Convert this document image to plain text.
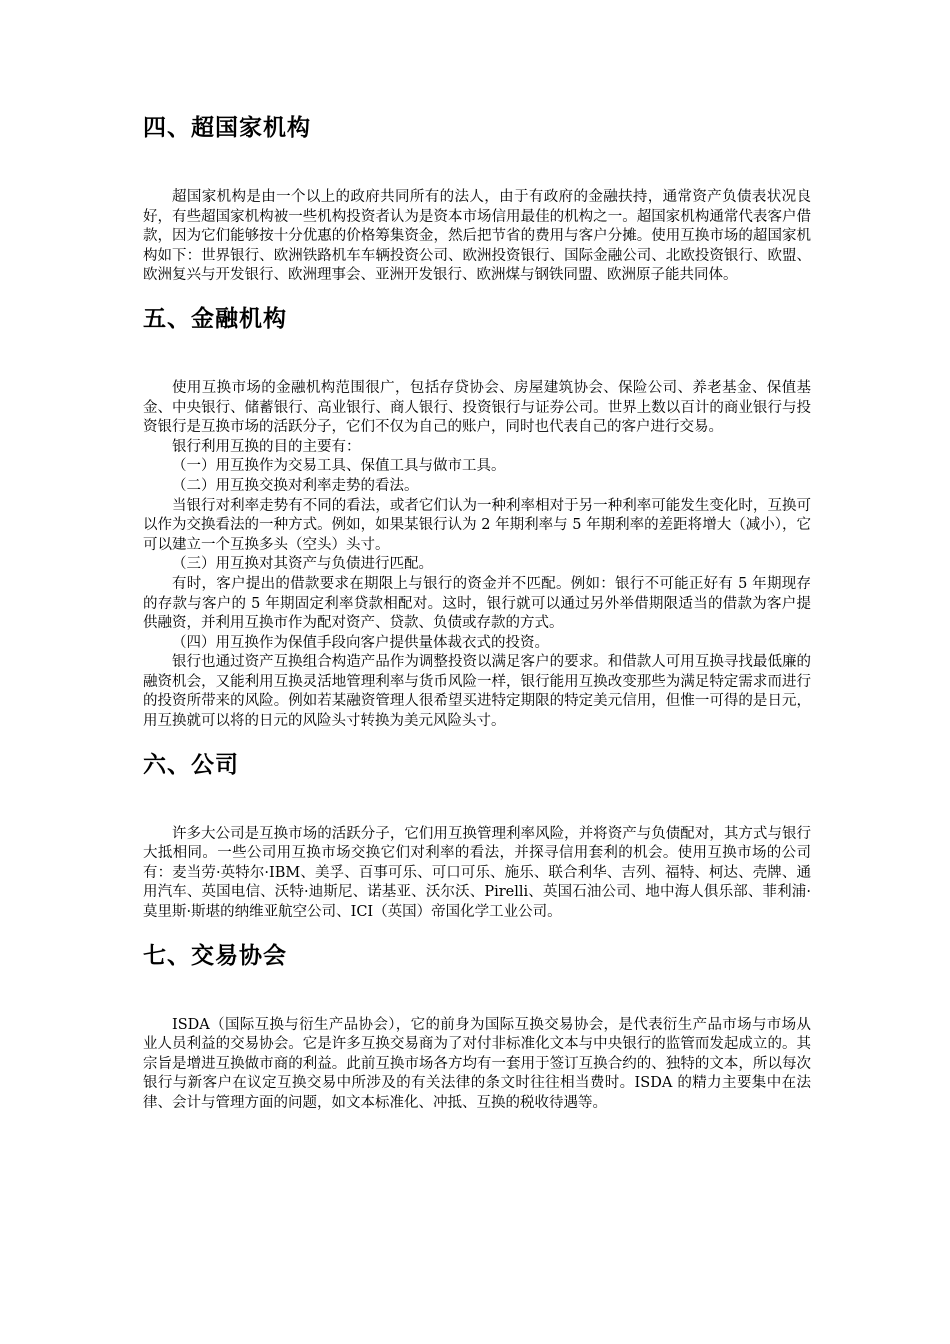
四、超国家机构

超国家机构是由一个以上的政府共同所有的法人，由于有政府的金融扶持，通常资产负债表状况良好，有些超国家机构被一些机构投资者认为是资本市场信用最佳的机构之一。超国家机构通常代表客户借款，因为它们能够按十分优惠的价格筹集资金，然后把节省的费用与客户分摊。使用互换市场的超国家机构如下：世界银行、欧洲铁路机车车辆投资公司、欧洲投资银行、国际金融公司、北欧投资银行、欧盟、欧洲复兴与开发银行、欧洲理事会、亚洲开发银行、欧洲煤与钢铁同盟、欧洲原子能共同体。

五、金融机构

使用互换市场的金融机构范围很广，包括存贷协会、房屋建筑协会、保险公司、养老基金、保值基金、中央银行、储蓄银行、高业银行、商人银行、投资银行与证券公司。世界上数以百计的商业银行与投资银行是互换市场的活跃分子，它们不仅为自己的账户，同时也代表自己的客户进行交易。

银行利用互换的目的主要有：

（一）用互换作为交易工具、保值工具与做市工具。

（二）用互换交换对利率走势的看法。

当银行对利率走势有不同的看法，或者它们认为一种利率相对于另一种利率可能发生变化时，互换可以作为交换看法的一种方式。例如，如果某银行认为 2 年期利率与 5 年期利率的差距将增大（减小），它可以建立一个互换多头（空头）头寸。

（三）用互换对其资产与负债进行匹配。

有时，客户提出的借款要求在期限上与银行的资金并不匹配。例如：银行不可能正好有 5 年期现存的存款与客户的 5 年期固定利率贷款相配对。这时，银行就可以通过另外举借期限适当的借款为客户提供融资，并利用互换市作为配对资产、贷款、负债或存款的方式。

（四）用互换作为保值手段向客户提供量体裁衣式的投资。

银行也通过资产互换组合构造产品作为调整投资以满足客户的要求。和借款人可用互换寻找最低廉的融资机会，又能利用互换灵活地管理利率与货币风险一样，银行能用互换改变那些为满足特定需求而进行的投资所带来的风险。例如若某融资管理人很希望买进特定期限的特定美元信用，但惟一可得的是日元，用互换就可以将的日元的风险头寸转换为美元风险头寸。

六、公司

许多大公司是互换市场的活跃分子，它们用互换管理利率风险，并将资产与负债配对，其方式与银行大抵相同。一些公司用互换市场交换它们对利率的看法，并探寻信用套利的机会。使用互换市场的公司有：麦当劳·英特尔·IBM、美孚、百事可乐、可口可乐、施乐、联合利华、吉列、福特、柯达、壳牌、通用汽车、英国电信、沃特·迪斯尼、诺基亚、沃尔沃、Pirelli、英国石油公司、地中海人俱乐部、菲利浦·莫里斯·斯堪的纳维亚航空公司、ICI（英国）帝国化学工业公司。

七、交易协会

ISDA（国际互换与衍生产品协会），它的前身为国际互换交易协会，是代表衍生产品市场与市场从业人员利益的交易协会。它是许多互换交易商为了对付非标准化文本与中央银行的监管而发起成立的。其宗旨是增进互换做市商的利益。此前互换市场各方均有一套用于签订互换合约的、独特的文本，所以每次银行与新客户在议定互换交易中所涉及的有关法律的条文时往往相当费时。ISDA 的精力主要集中在法律、会计与管理方面的问题，如文本标准化、冲抵、互换的税收待遇等。
